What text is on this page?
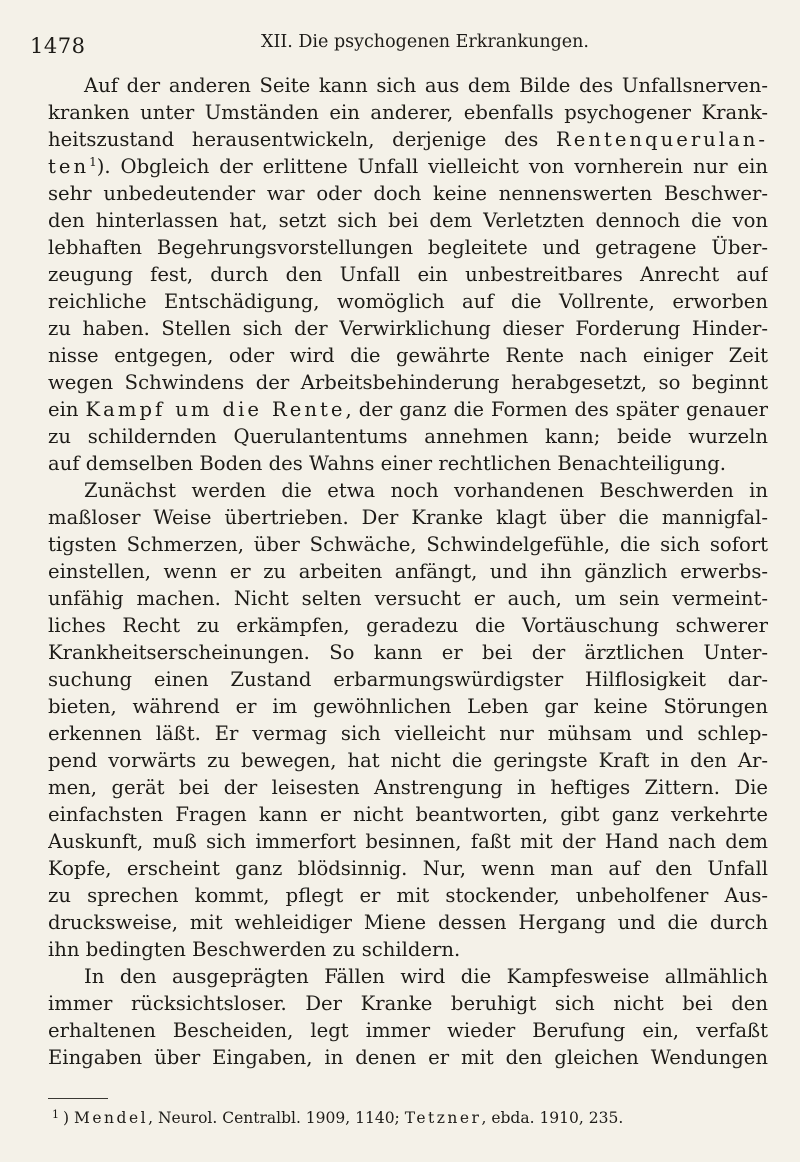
1478	XII. Die psychogenen Erkrankungen.
Auf der anderen Seite kann sich aus dem Bilde des Unfallsnerven-
kranken unter Umständen ein anderer, ebenfalls psychogener Krank-
heitszustand herausentwickeln, derjenige des Rentenquerulan-
ten$^1$). Obgleich der erlittene Unfall vielleicht von vornherein nur ein
sehr unbedeutender war oder doch keine nennenswerten Beschwer-
den hinterlassen hat, setzt sich bei dem Verletzten dennoch die von
lebhaften Begehrungsvorstellungen begleitete und getragene Über-
zeugung fest, durch den Unfall ein unbestreitbares Anrecht auf
reichliche Entschädigung, womöglich auf die Vollrente, erworben
zu haben. Stellen sich der Verwirklichung dieser Forderung Hinder-
nisse entgegen, oder wird die gewährte Rente nach einiger Zeit
wegen Schwindens der Arbeitsbehinderung herabgesetzt, so beginnt
ein Kampf um die Rente, der ganz die Formen des später genauer
zu schildernden Querulantentums annehmen kann; beide wurzeln
auf demselben Boden des Wahns einer rechtlichen Benachteiligung.
Zunächst werden die etwa noch vorhandenen Beschwerden in
maßloser Weise übertrieben. Der Kranke klagt über die mannigfal-
tigsten Schmerzen, über Schwäche, Schwindelgefühle, die sich sofort
einstellen, wenn er zu arbeiten anfängt, und ihn gänzlich erwerbs-
unfähig machen. Nicht selten versucht er auch, um sein vermeint-
liches Recht zu erkämpfen, geradezu die Vortäuschung schwerer
Krankheitserscheinungen. So kann er bei der ärztlichen Unter-
suchung einen Zustand erbarmungswürdigster Hilflosigkeit dar-
bieten, während er im gewöhnlichen Leben gar keine Störungen
erkennen läßt. Er vermag sich vielleicht nur mühsam und schlep-
pend vorwärts zu bewegen, hat nicht die geringste Kraft in den Ar-
men, gerät bei der leisesten Anstrengung in heftiges Zittern. Die
einfachsten Fragen kann er nicht beantworten, gibt ganz verkehrte
Auskunft, muß sich immerfort besinnen, faßt mit der Hand nach dem
Kopfe, erscheint ganz blödsinnig. Nur, wenn man auf den Unfall
zu sprechen kommt, pflegt er mit stockender, unbeholfener Aus-
drucksweise, mit wehleidiger Miene dessen Hergang und die durch
ihn bedingten Beschwerden zu schildern.
In den ausgeprägten Fällen wird die Kampfesweise allmählich
immer rücksichtsloser. Der Kranke beruhigt sich nicht bei den
erhaltenen Bescheiden, legt immer wieder Berufung ein, verfaßt
Eingaben über Eingaben, in denen er mit den gleichen Wendungen
$^1$ ) Mendel, Neurol. Centralbl. 1909, 1140; Tetzner, ebda. 1910, 235.
